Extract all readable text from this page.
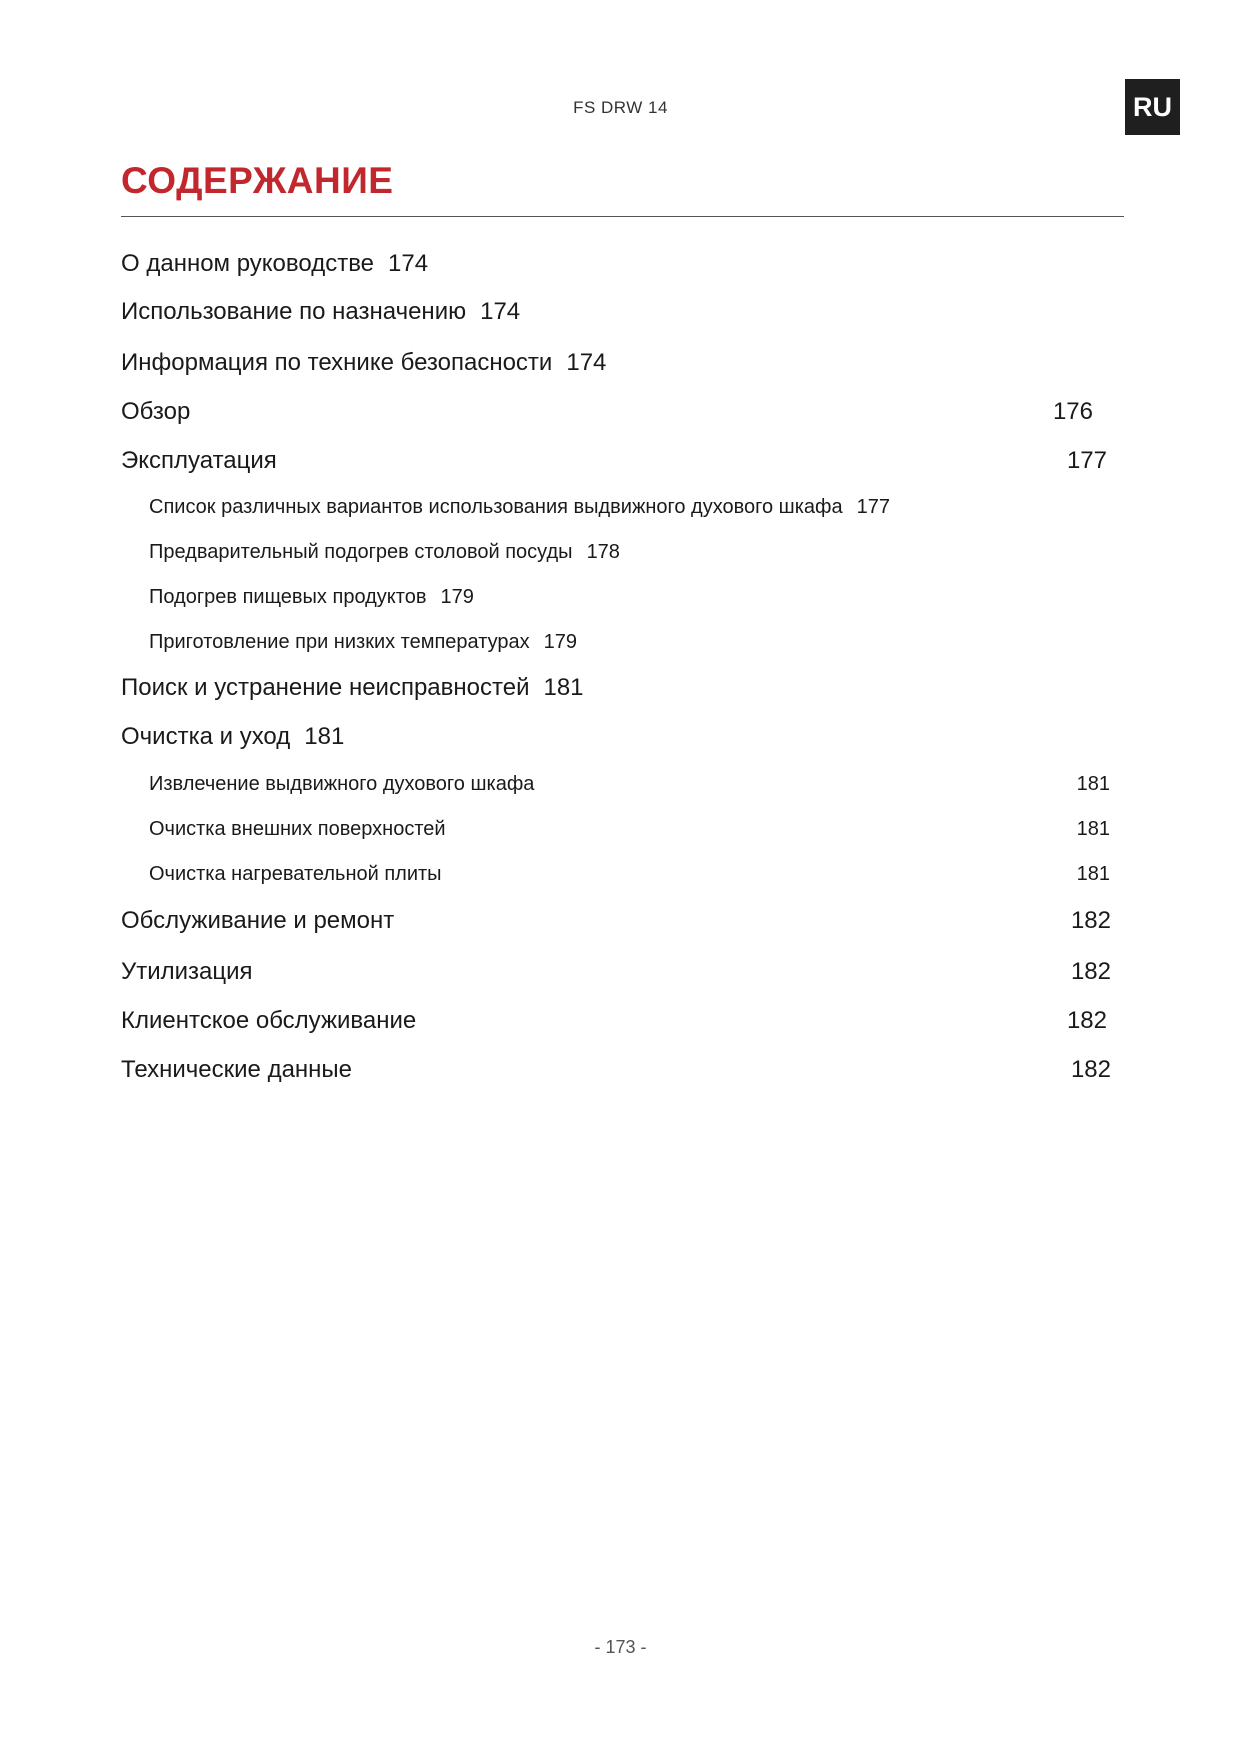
FS DRW 14	RU
СОДЕРЖАНИЕ
О данном руководстве 174
Использование по назначению 174
Информация по технике безопасности 174
Обзор	176
Эксплуатация	177
Список различных вариантов использования выдвижного духового шкафа 177
Предварительный подогрев столовой посуды 178
Подогрев пищевых продуктов 179
Приготовление при низких температурах 179
Поиск и устранение неисправностей 181
Очистка и уход 181
Извлечение выдвижного духового шкафа	181
Очистка внешних поверхностей	181
Очистка нагревательной плиты	181
Обслуживание и ремонт	182
Утилизация	182
Клиентское обслуживание	182
Технические данные	182
- 173 -
